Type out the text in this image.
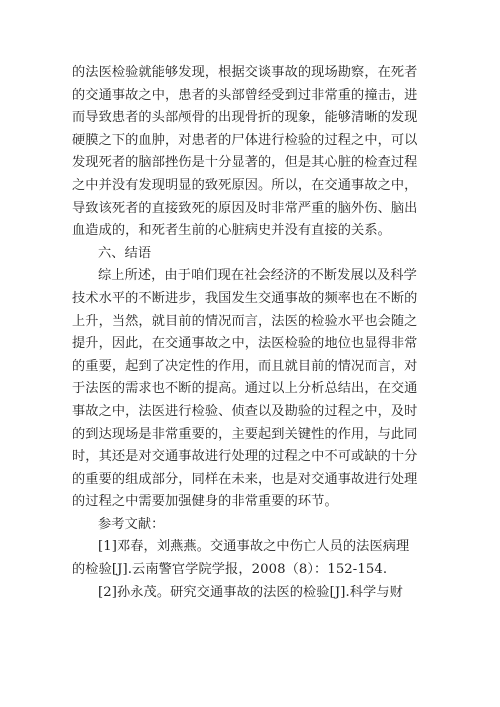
的法医检验就能够发现，根据交谈事故的现场勘察，在死者
的交通事故之中，患者的头部曾经受到过非常重的撞击，进
而导致患者的头部颅骨的出现骨折的现象，能够清晰的发现
硬膜之下的血肿，对患者的尸体进行检验的过程之中，可以
发现死者的脑部挫伤是十分显著的，但是其心脏的检查过程
之中并没有发现明显的致死原因。所以，在交通事故之中，
导致该死者的直接致死的原因及时非常严重的脑外伤、脑出
血造成的，和死者生前的心脏病史并没有直接的关系。
六、结语
综上所述，由于咱们现在社会经济的不断发展以及科学
技术水平的不断进步，我国发生交通事故的频率也在不断的
上升，当然，就目前的情况而言，法医的检验水平也会随之
提升，因此，在交通事故之中，法医检验的地位也显得非常
的重要，起到了决定性的作用，而且就目前的情况而言，对
于法医的需求也不断的提高。通过以上分析总结出，在交通
事故之中，法医进行检验、侦查以及勘验的过程之中，及时
的到达现场是非常重要的，主要起到关键性的作用，与此同
时，其还是对交通事故进行处理的过程之中不可或缺的十分
的重要的组成部分，同样在未来，也是对交通事故进行处理
的过程之中需要加强健身的非常重要的环节。
参考文献：
[1]邓春，刘燕燕。交通事故之中伤亡人员的法医病理
的检验[J].云南警官学院学报，2008（8）：152-154.
[2]孙永茂。研究交通事故的法医的检验[J].科学与财
